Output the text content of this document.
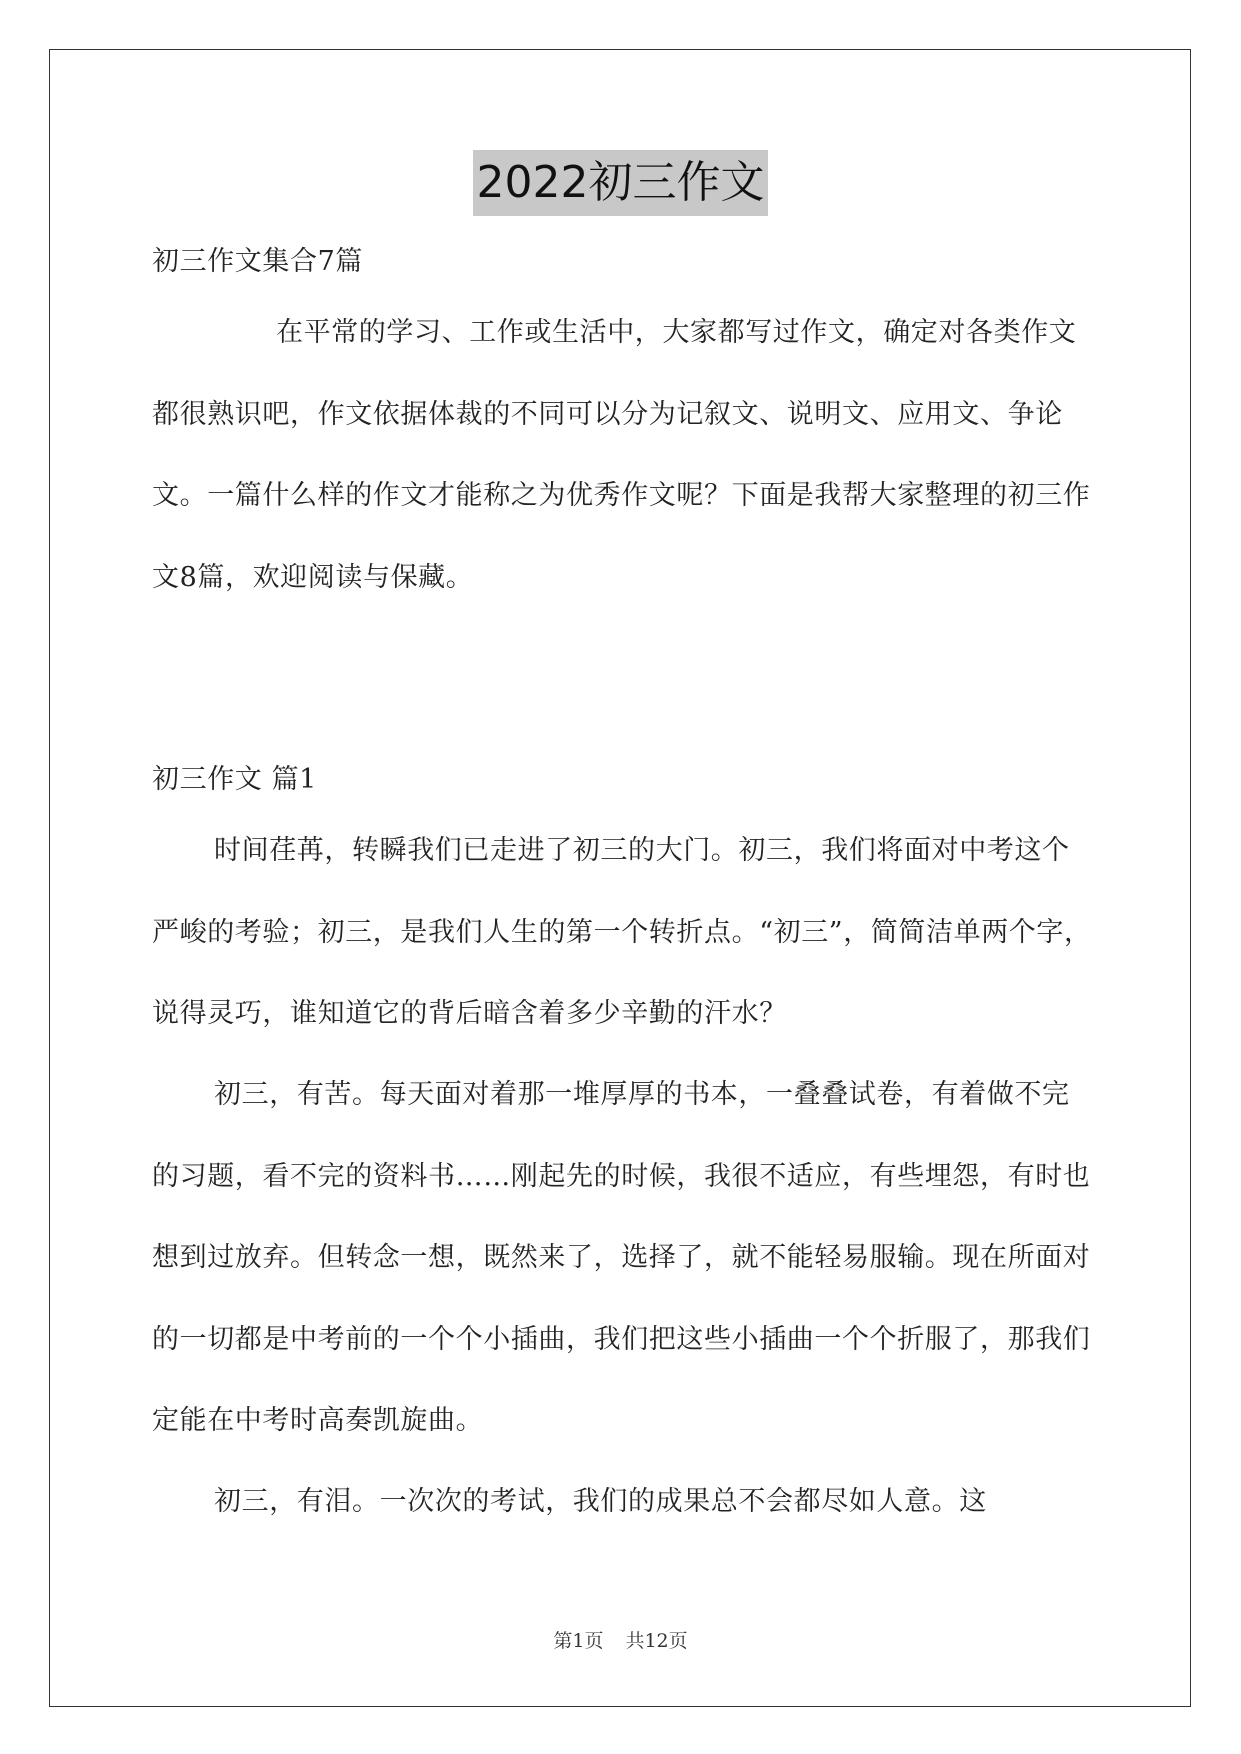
2022初三作文

初三作文集合7篇

在平常的学习、工作或生活中，大家都写过作文，确定对各类作文都很熟识吧，作文依据体裁的不同可以分为记叙文、说明文、应用文、争论文。一篇什么样的作文才能称之为优秀作文呢？下面是我帮大家整理的初三作文8篇，欢迎阅读与保藏。

初三作文 篇1

时间荏苒，转瞬我们已走进了初三的大门。初三，我们将面对中考这个严峻的考验；初三，是我们人生的第一个转折点。“初三”，简简洁单两个字，说得灵巧，谁知道它的背后暗含着多少辛勤的汗水？

初三，有苦。每天面对着那一堆厚厚的书本，一叠叠试卷，有着做不完的习题，看不完的资料书……刚起先的时候，我很不适应，有些埋怨，有时也想到过放弃。但转念一想，既然来了，选择了，就不能轻易服输。现在所面对的一切都是中考前的一个个小插曲，我们把这些小插曲一个个折服了，那我们定能在中考时高奏凯旋曲。

初三，有泪。一次次的考试，我们的成果总不会都尽如人意。这

第1页 共12页
